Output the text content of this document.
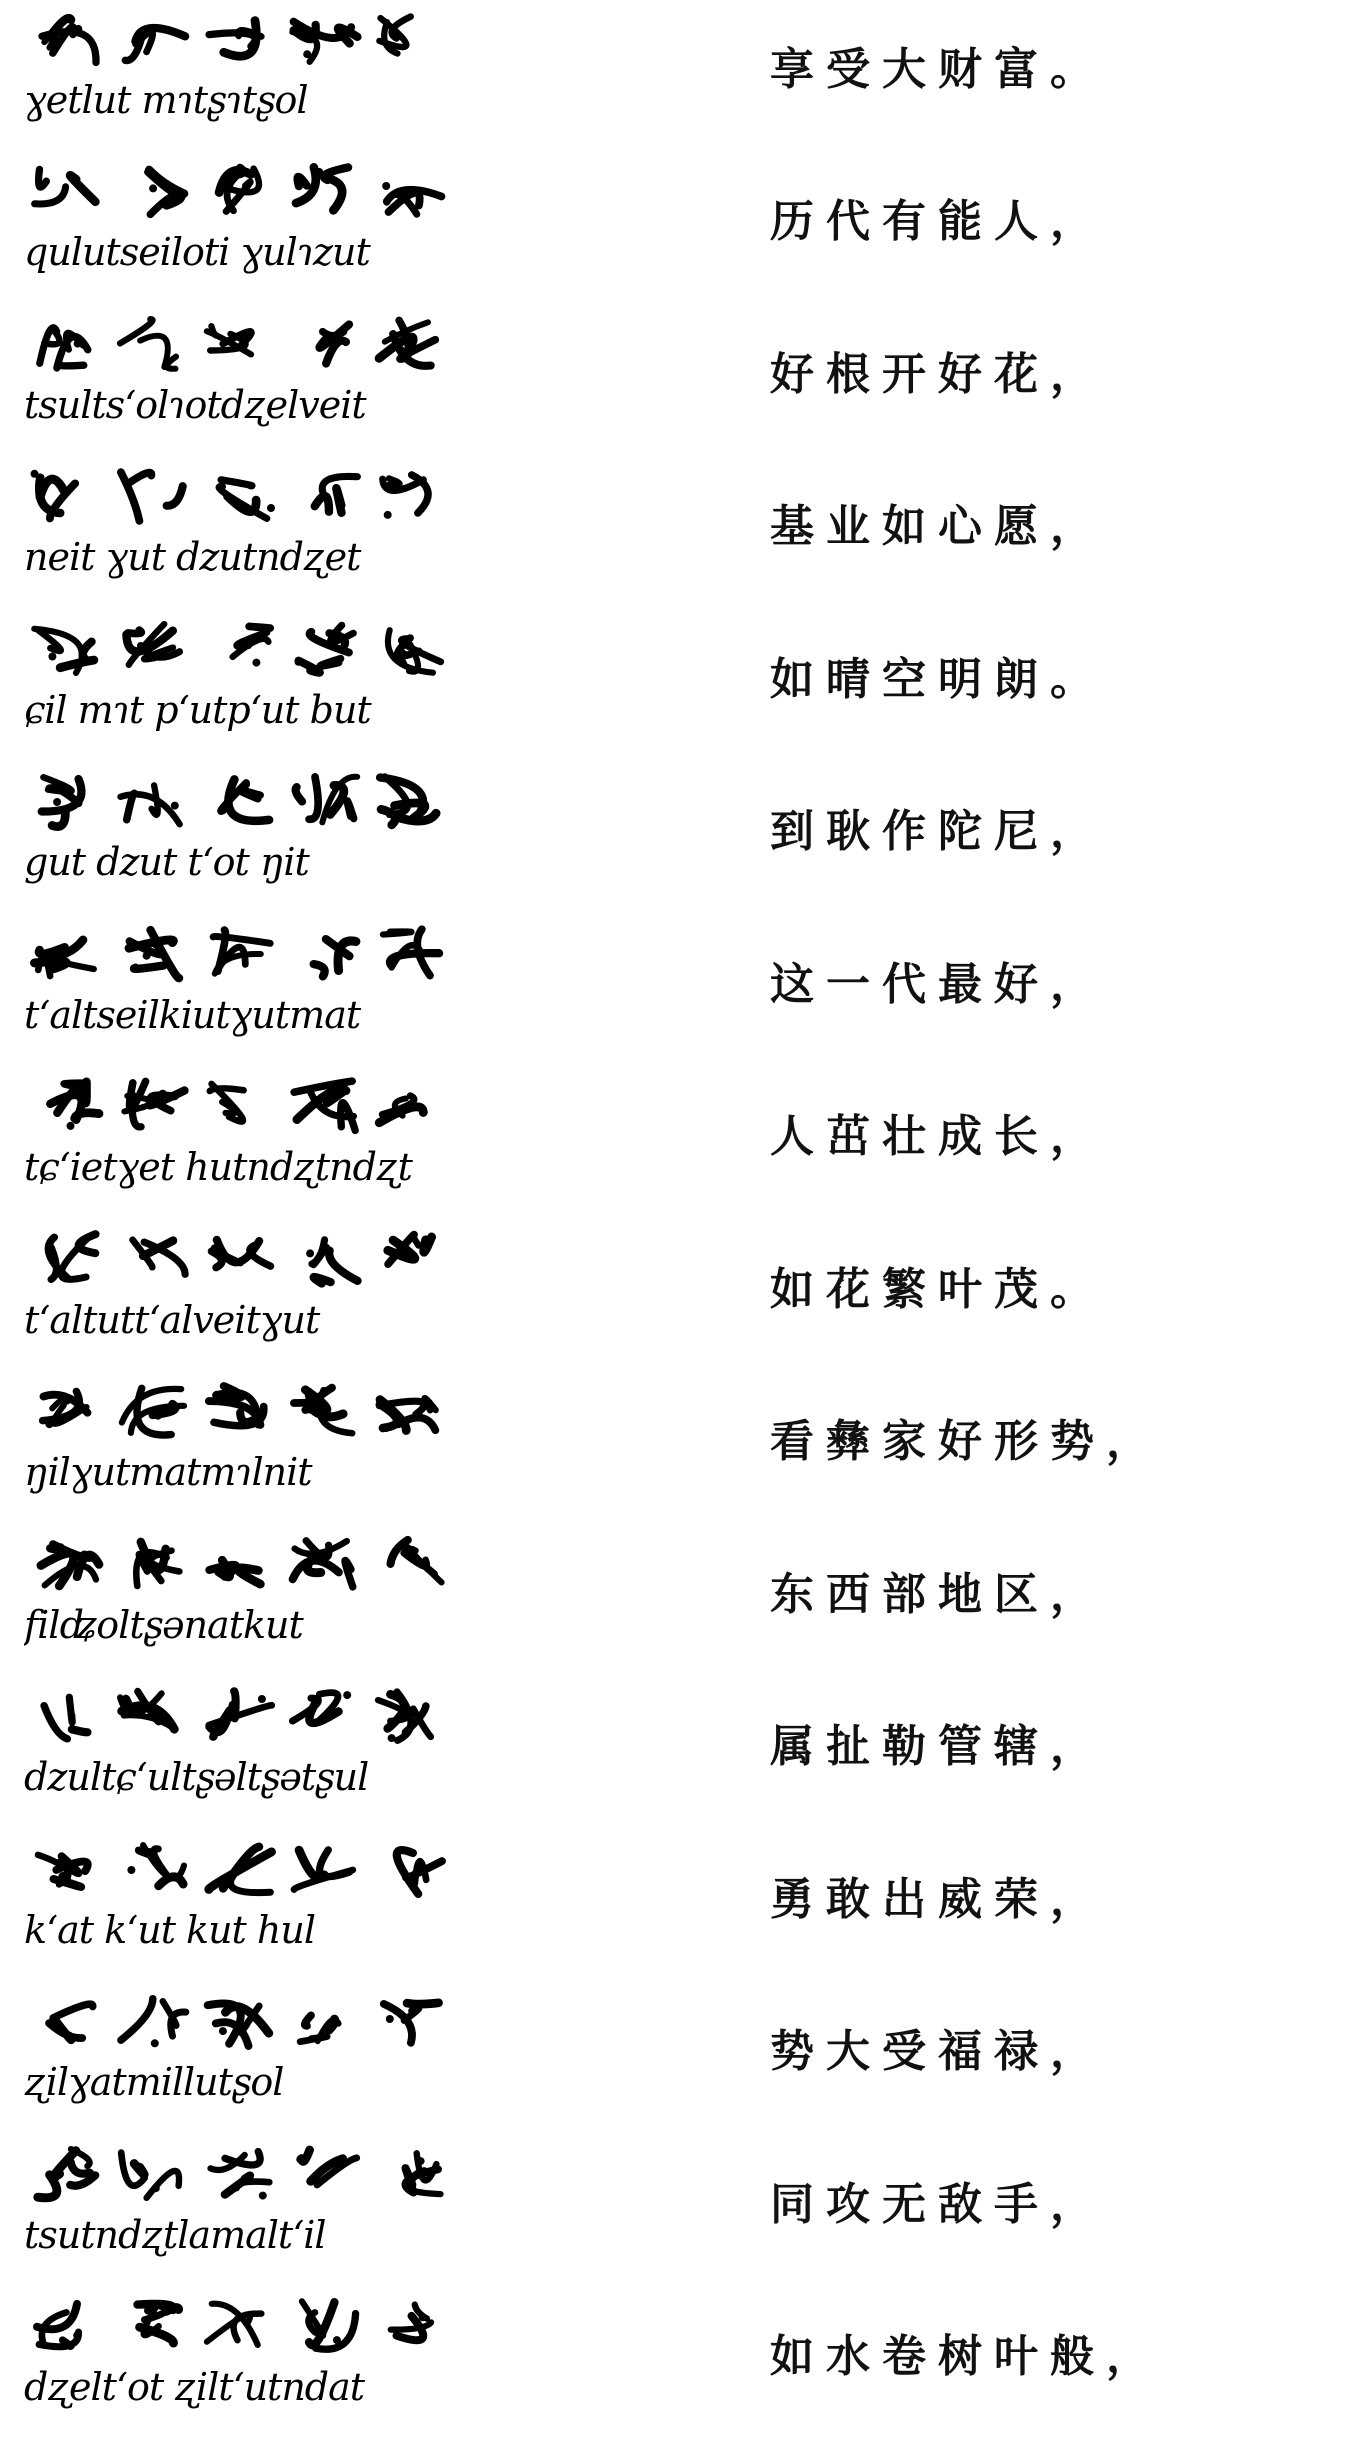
ɣetlut mɿtʂɿtʂol
享受大财富。
qulutseiloti ɣulɿzut
历代有能人，
tsultsʻolɿotdʐelveit
好根开好花，
neit ɣut dzutndʐet
基业如心愿，
ɕil mɿt pʻutpʻut but
如晴空明朗。
gut dzut tʻot ŋit
到耿作陀尼，
tʻaltseilkiutɣutmat
这一代最好，
tɕʻietɣet hutndʐtndʐt
人茁壮成长，
tʻaltuttʻalveitɣut
如花繁叶茂。
ŋilɣutmatmɿlnit
看彝家好形势，
filʥoltʂənatkut
东西部地区，
dzultɕʻultʂəltʂətʂul
属扯勒管辖，
kʻat kʻut kut hul
勇敢出威荣，
ʐilɣatmillutʂol
势大受福禄，
tsutndʐtlamaltʻil
同攻无敌手，
dʐeltʻot ʐiltʻutndat
如水卷树叶般，
